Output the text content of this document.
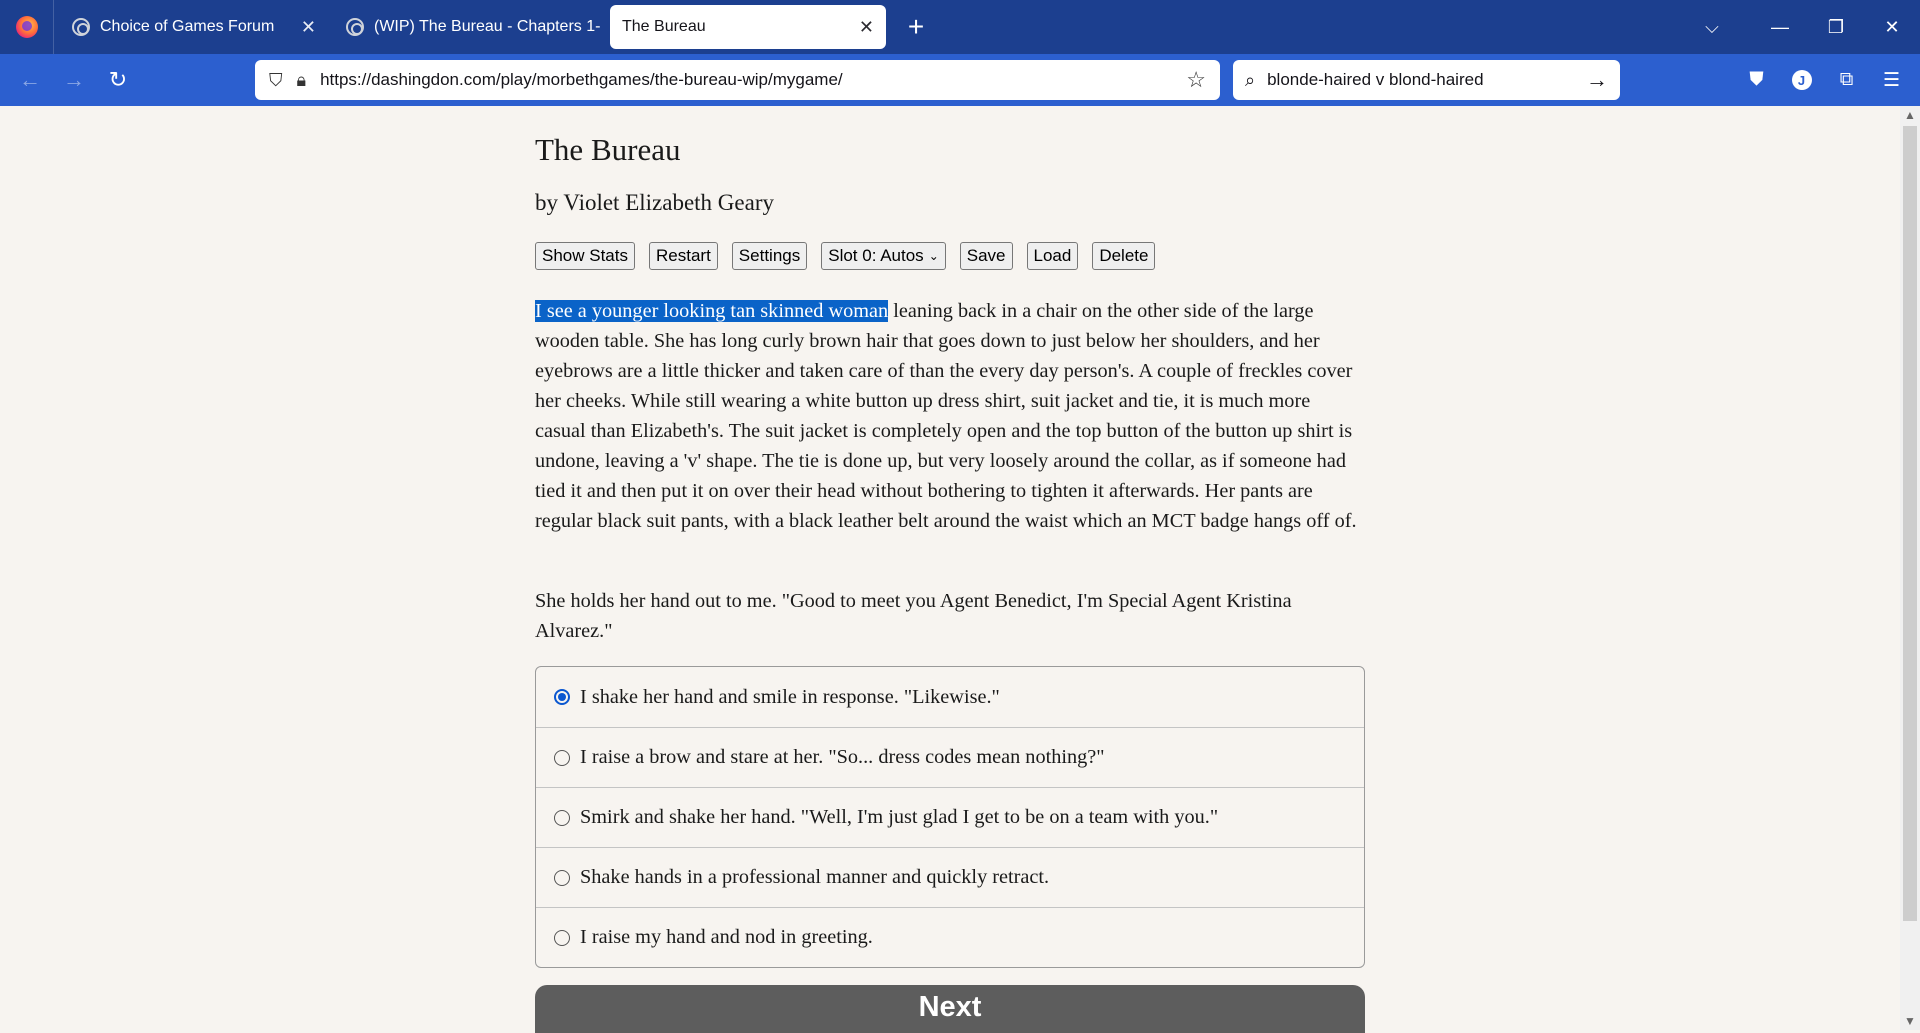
Choice of Games Forum	✕	(WIP) The Bureau - Chapters 1- The Bureau	✕	+	⌵	—	❐	✕
←	→	↻	⛉ 🔒︎ https://dashingdon.com/play/morbethgames/the-bureau-wip/mygame/	☆ ⌕ blonde-haired v blond-haired	→	⛊	J	⧉	☰
The Bureau
by Violet Elizabeth Geary
Show Stats	Restart	Settings	Slot 0: Autos ⌄	Save	Load	Delete

I see a younger looking tan skinned woman leaning back in a chair on the other side of the large wooden table. She has long curly brown hair that goes down to just below her shoulders, and her eyebrows are a little thicker and taken care of than the every day person's. A couple of freckles cover her cheeks. While still wearing a white button up dress shirt, suit jacket and tie, it is much more casual than Elizabeth's. The suit jacket is completely open and the top button of the button up shirt is undone, leaving a 'v' shape. The tie is done up, but very loosely around the collar, as if someone had tied it and then put it on over their head without bothering to tighten it afterwards. Her pants are regular black suit pants, with a black leather belt around the waist which an MCT badge hangs off of.

She holds her hand out to me. "Good to meet you Agent Benedict, I'm Special Agent Kristina Alvarez."

I shake her hand and smile in response. "Likewise."
I raise a brow and stare at her. "So... dress codes mean nothing?"
Smirk and shake her hand. "Well, I'm just glad I get to be on a team with you."
Shake hands in a professional manner and quickly retract.
I raise my hand and nod in greeting.
Next
▲
▼
